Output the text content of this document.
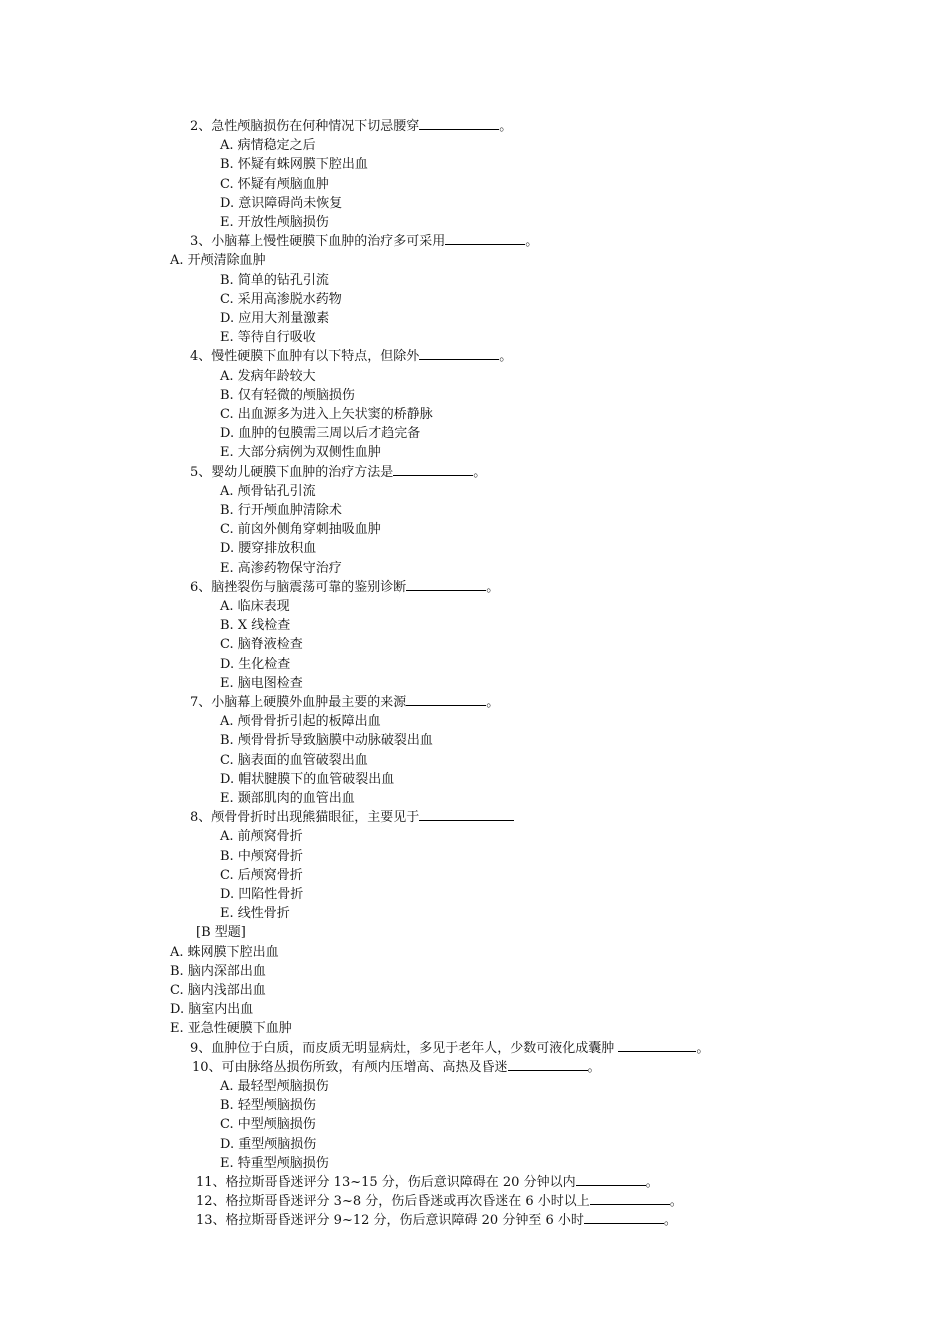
2、急性颅脑损伤在何种情况下切忌腰穿	。
A. 病情稳定之后
B. 怀疑有蛛网膜下腔出血
C. 怀疑有颅脑血肿
D. 意识障碍尚未恢复
E. 开放性颅脑损伤
3、小脑幕上慢性硬膜下血肿的治疗多可采用	。
A. 开颅清除血肿
B. 简单的钻孔引流
C. 采用高渗脱水药物
D. 应用大剂量激素
E. 等待自行吸收
4、慢性硬膜下血肿有以下特点，但除外	。
A. 发病年龄较大
B. 仅有轻微的颅脑损伤
C. 出血源多为进入上矢状窦的桥静脉
D. 血肿的包膜需三周以后才趋完备
E. 大部分病例为双侧性血肿
5、婴幼儿硬膜下血肿的治疗方法是	。
A. 颅骨钻孔引流
B. 行开颅血肿清除术
C. 前囟外侧角穿刺抽吸血肿
D. 腰穿排放积血
E. 高渗药物保守治疗
6、脑挫裂伤与脑震荡可靠的鉴别诊断	。
A. 临床表现
B. X 线检查
C. 脑脊液检查
D. 生化检查
E. 脑电图检查
7、小脑幕上硬膜外血肿最主要的来源	。
A. 颅骨骨折引起的板障出血
B. 颅骨骨折导致脑膜中动脉破裂出血
C. 脑表面的血管破裂出血
D. 帽状腱膜下的血管破裂出血
E. 颞部肌肉的血管出血
8、颅骨骨折时出现熊猫眼征，主要见于
A. 前颅窝骨折
B. 中颅窝骨折
C. 后颅窝骨折
D. 凹陷性骨折
E. 线性骨折
[B 型题]
A. 蛛网膜下腔出血
B. 脑内深部出血
C. 脑内浅部出血
D. 脑室内出血
E. 亚急性硬膜下血肿
9、血肿位于白质，而皮质无明显病灶，多见于老年人，少数可液化成囊肿	。
10、可由脉络丛损伤所致，有颅内压增高、高热及昏迷	。
A. 最轻型颅脑损伤
B. 轻型颅脑损伤
C. 中型颅脑损伤
D. 重型颅脑损伤
E. 特重型颅脑损伤
11、格拉斯哥昏迷评分 13~15 分，伤后意识障碍在 20 分钟以内	。
12、格拉斯哥昏迷评分 3~8 分，伤后昏迷或再次昏迷在 6 小时以上	。
13、格拉斯哥昏迷评分 9~12 分，伤后意识障碍 20 分钟至 6 小时	。
